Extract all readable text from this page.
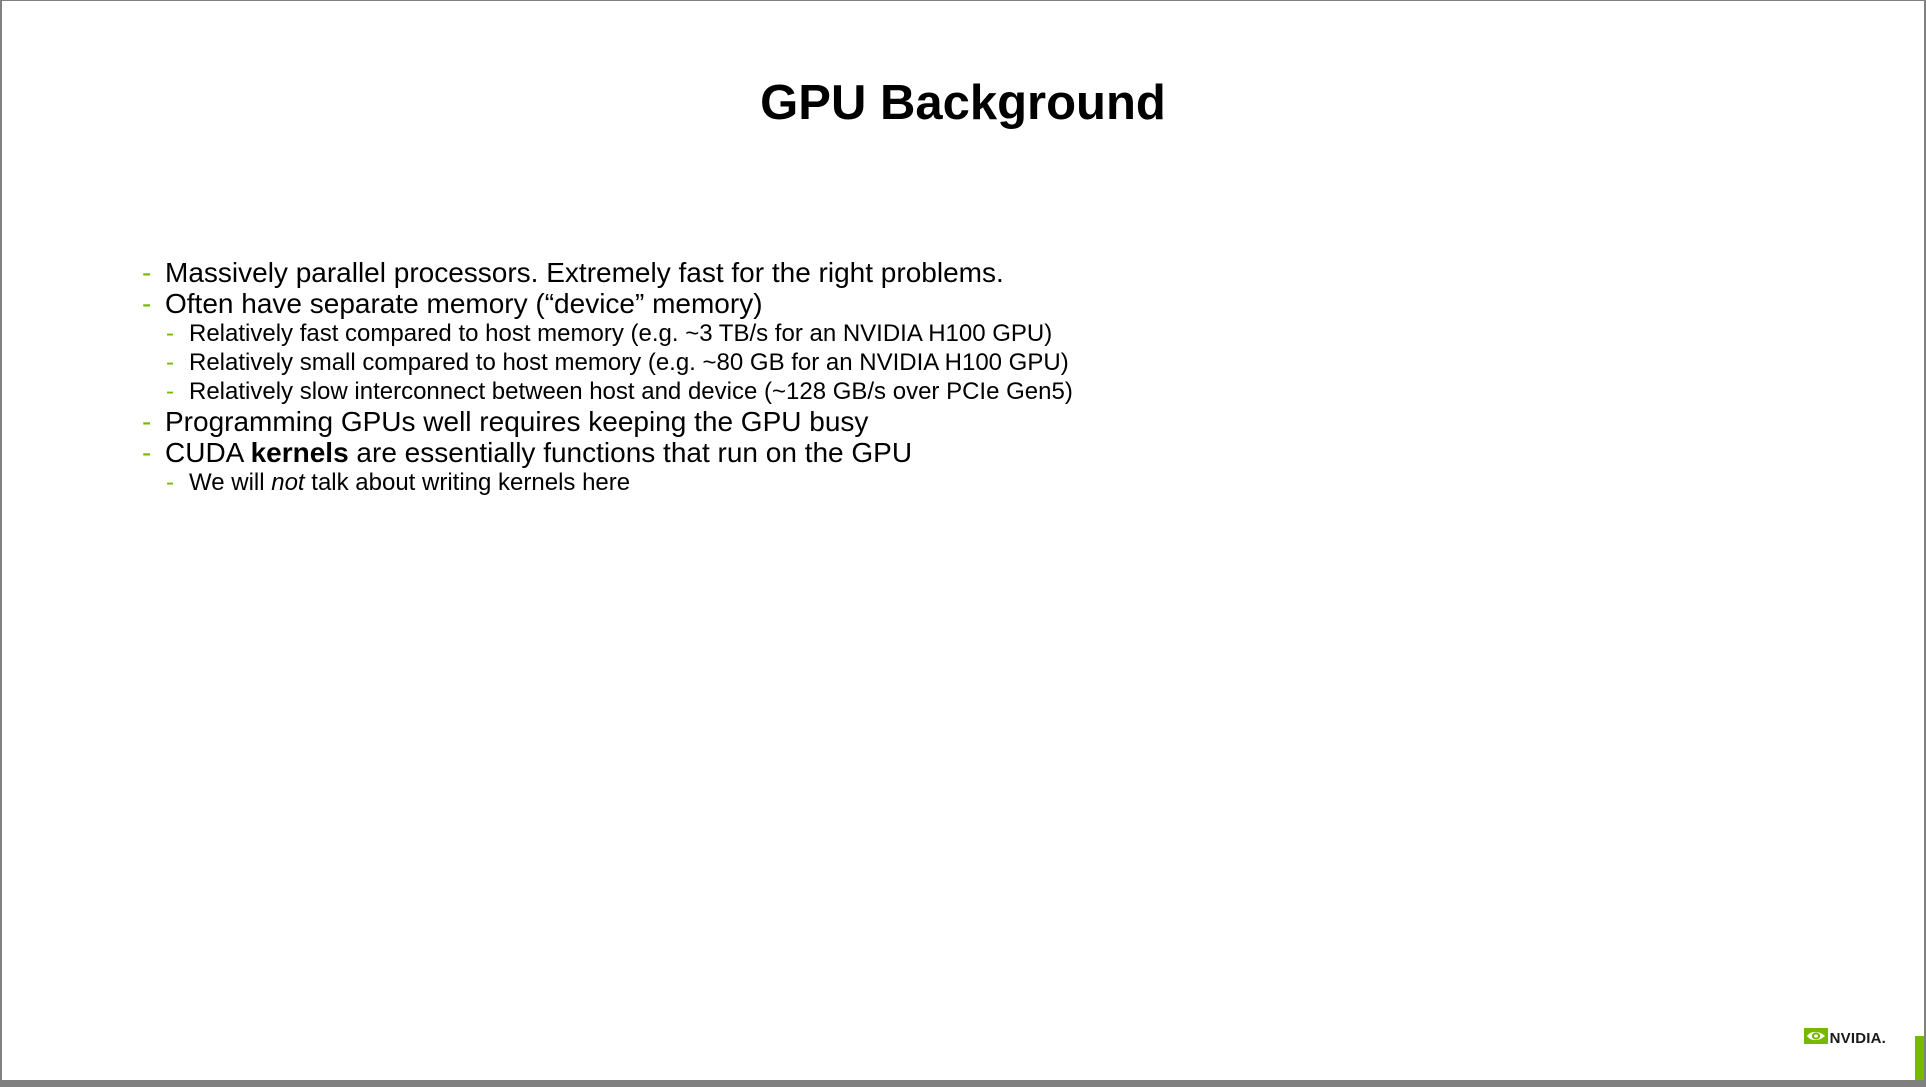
GPU Background
- Massively parallel processors. Extremely fast for the right problems.
- Often have separate memory (“device” memory)
- Relatively fast compared to host memory (e.g. ~3 TB/s for an NVIDIA H100 GPU)
- Relatively small compared to host memory (e.g. ~80 GB for an NVIDIA H100 GPU)
- Relatively slow interconnect between host and device (~128 GB/s over PCIe Gen5)
- Programming GPUs well requires keeping the GPU busy
- CUDA kernels are essentially functions that run on the GPU
- We will not talk about writing kernels here
NVIDIA.
